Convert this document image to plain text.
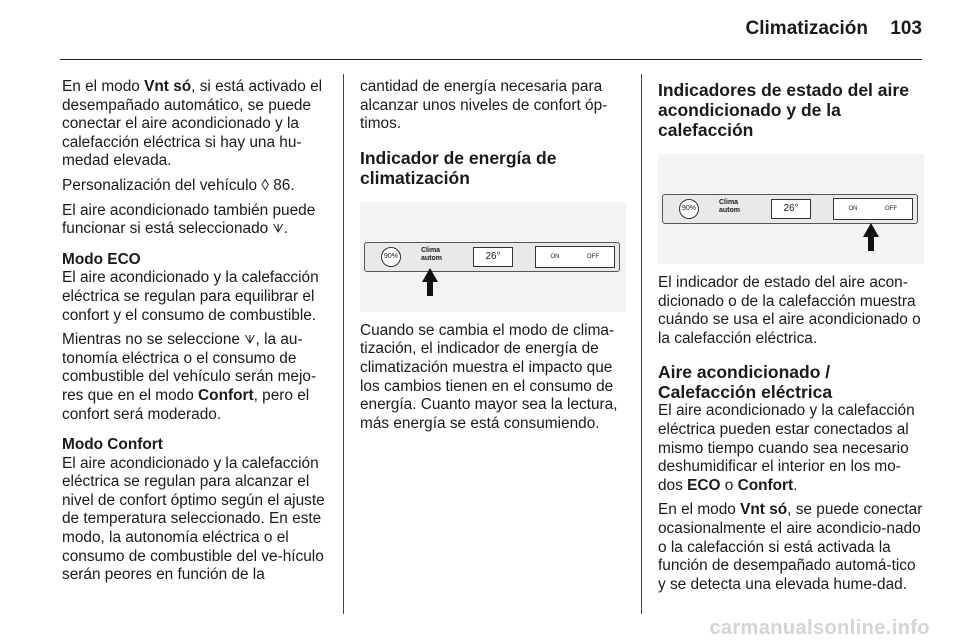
Climatización 103

En el modo Vnt só, si está activado el desempañado automático, se puede conectar el aire acondicionado y la calefacción eléctrica si hay una hu-medad elevada.

Personalización del vehículo ◊ 86.

El aire acondicionado también puede funcionar si está seleccionado ᗐ.

Modo ECO

El aire acondicionado y la calefacción eléctrica se regulan para equilibrar el confort y el consumo de combustible.

Mientras no se seleccione ᗐ, la au-tonomía eléctrica o el consumo de combustible del vehículo serán mejo-res que en el modo Confort, pero el confort será moderado.

Modo Confort

El aire acondicionado y la calefacción eléctrica se regulan para alcanzar el nivel de confort óptimo según el ajuste de temperatura seleccionado. En este modo, la autonomía eléctrica o el consumo de combustible del ve-hículo serán peores en función de la

cantidad de energía necesaria para alcanzar unos niveles de confort óp-timos.

Indicador de energía de climatización
90%
Clima
autom	26°	ON	OFF

Cuando se cambia el modo de clima-tización, el indicador de energía de climatización muestra el impacto que los cambios tienen en el consumo de energía. Cuanto mayor sea la lectura, más energía se está consumiendo.

Indicadores de estado del aire acondicionado y de la calefacción
90%
Clima
autom	26°	ON	OFF

El indicador de estado del aire acon-dicionado o de la calefacción muestra cuándo se usa el aire acondicionado o la calefacción eléctrica.

Aire acondicionado / Calefacción eléctrica

El aire acondicionado y la calefacción eléctrica pueden estar conectados al mismo tiempo cuando sea necesario deshumidificar el interior en los mo-dos ECO o Confort.

En el modo Vnt só, se puede conectar ocasionalmente el aire acondicio-nado o la calefacción si está activada la función de desempañado automá-tico y se detecta una elevada hume-dad.

carmanualsonline.info
